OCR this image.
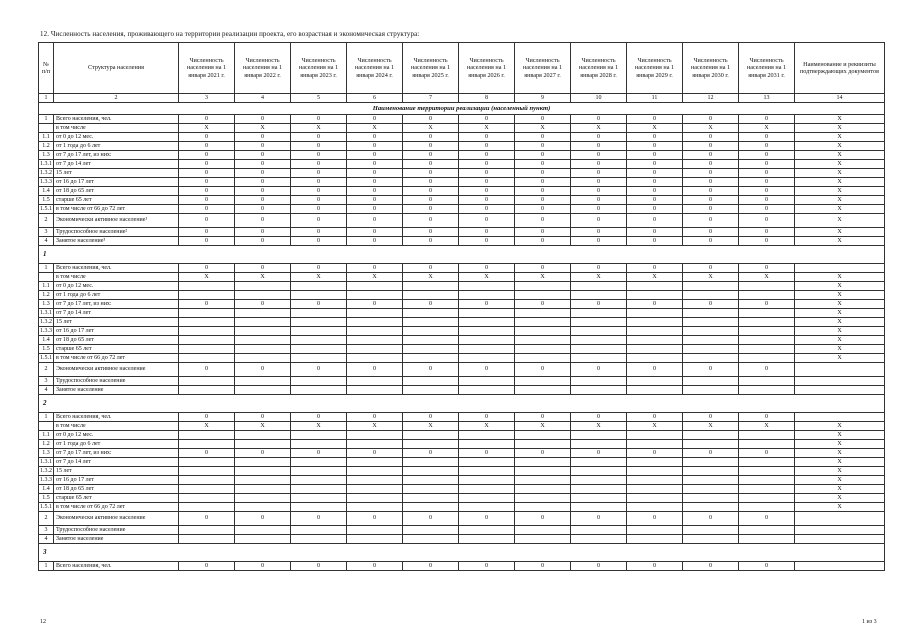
12. Численность населения, проживающего на территории реализации проекта, его возрастная и экономическая структура:
№ п/п	Структура населения	Численность населения на 1 января 2021 г.	Численность населения на 1 января 2022 г.	Численность населения на 1 января 2023 г.	Численность населения на 1 января 2024 г.	Численность населения на 1 января 2025 г.	Численность населения на 1 января 2026 г.	Численность населения на 1 января 2027 г.	Численность населения на 1 января 2028 г.	Численность населения на 1 января 2029 г.	Численность населения на 1 января 2030 г.	Численность населения на 1 января 2031 г.	Наименование и реквизиты подтверждающих документов
1	2	3	4	5	6	7	8	9	10	11	12	13	14
Наименование территории реализации (населенный пункт)													
1	Всего населения, чел.	0	0	0	0	0	0	0	0	0	0	0	X
	в том числе	X	X	X	X	X	X	X	X	X	X	X	X
1.1	от 0 до 12 мес.	0	0	0	0	0	0	0	0	0	0	0	X
1.2	от 1 года до 6 лет	0	0	0	0	0	0	0	0	0	0	0	X
1.3	от 7 до 17 лет, из них:	0	0	0	0	0	0	0	0	0	0	0	X
1.3.1	от 7 до 14 лет	0	0	0	0	0	0	0	0	0	0	0	X
1.3.2	15 лет	0	0	0	0	0	0	0	0	0	0	0	X
1.3.3	от 16 до 17 лет	0	0	0	0	0	0	0	0	0	0	0	X
1.4	от 18 до 65 лет	0	0	0	0	0	0	0	0	0	0	0	X
1.5	старше 65 лет	0	0	0	0	0	0	0	0	0	0	0	X
1.5.1	в том числе от 66 до 72 лет	0	0	0	0	0	0	0	0	0	0	0	X
2	Экономически активное население¹	0	0	0	0	0	0	0	0	0	0	0	X
3	Трудоспособное население²	0	0	0	0	0	0	0	0	0	0	0	X
4	Занятое население³	0	0	0	0	0	0	0	0	0	0	0	X
1													
1	Всего населения, чел.	0	0	0	0	0	0	0	0	0	0	0	
	в том числе	X	X	X	X	X	X	X	X	X	X	X	X
1.1	от 0 до 12 мес.												X
1.2	от 1 года до 6 лет												X
1.3	от 7 до 17 лет, из них:	0	0	0	0	0	0	0	0	0	0	0	X
1.3.1	от 7 до 14 лет												X
1.3.2	15 лет												X
1.3.3	от 16 до 17 лет												X
1.4	от 18 до 65 лет												X
1.5	старше 65 лет												X
1.5.1	в том числе от 66 до 72 лет												X
2	Экономически активное население	0	0	0	0	0	0	0	0	0	0	0	
3	Трудоспособное население												
4	Занятое население												
2													
1	Всего населения, чел.	0	0	0	0	0	0	0	0	0	0	0	
	в том числе	X	X	X	X	X	X	X	X	X	X	X	X
1.1	от 0 до 12 мес.												X
1.2	от 1 года до 6 лет												X
1.3	от 7 до 17 лет, из них:	0	0	0	0	0	0	0	0	0	0	0	X
1.3.1	от 7 до 14 лет												X
1.3.2	15 лет												X
1.3.3	от 16 до 17 лет												X
1.4	от 18 до 65 лет												X
1.5	старше 65 лет												X
1.5.1	в том числе от 66 до 72 лет												X
2	Экономически активное население	0	0	0	0	0	0	0	0	0	0	0	
3	Трудоспособное население												
4	Занятое население												
3													
1	Всего населения, чел.	0	0	0	0	0	0	0	0	0	0	0	
12	1 из 3
